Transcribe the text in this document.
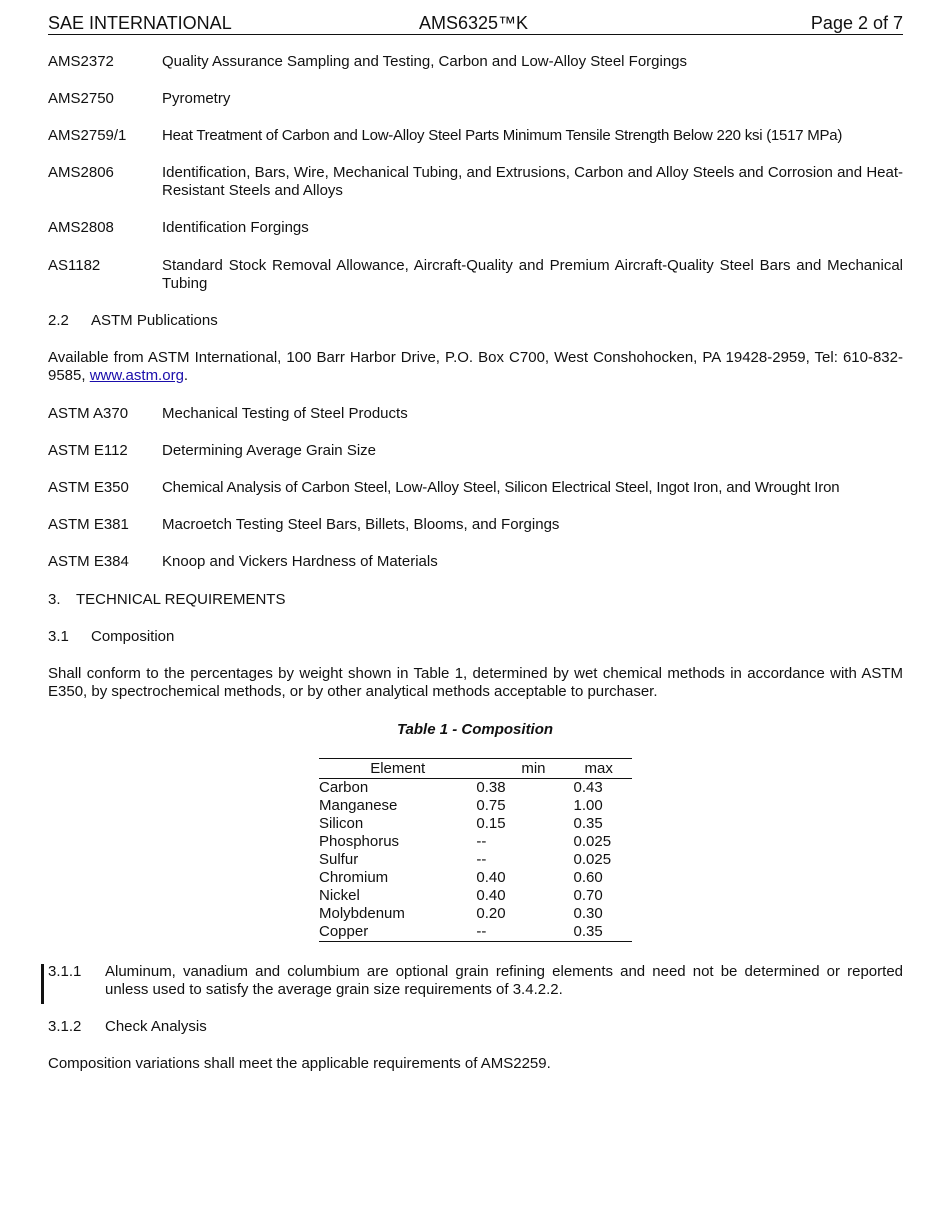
SAE INTERNATIONAL	AMS6325™K	Page 2 of 7
AMS2372	Quality Assurance Sampling and Testing, Carbon and Low-Alloy Steel Forgings
AMS2750	Pyrometry
AMS2759/1	Heat Treatment of Carbon and Low-Alloy Steel Parts Minimum Tensile Strength Below 220 ksi (1517 MPa)
AMS2806	Identification, Bars, Wire, Mechanical Tubing, and Extrusions, Carbon and Alloy Steels and Corrosion and Heat-Resistant Steels and Alloys
AMS2808	Identification Forgings
AS1182	Standard Stock Removal Allowance, Aircraft-Quality and Premium Aircraft-Quality Steel Bars and Mechanical Tubing
2.2 ASTM Publications
Available from ASTM International, 100 Barr Harbor Drive, P.O. Box C700, West Conshohocken, PA 19428-2959, Tel: 610-832-9585, www.astm.org.
ASTM A370	Mechanical Testing of Steel Products
ASTM E112	Determining Average Grain Size
ASTM E350	Chemical Analysis of Carbon Steel, Low-Alloy Steel, Silicon Electrical Steel, Ingot Iron, and Wrought Iron
ASTM E381	Macroetch Testing Steel Bars, Billets, Blooms, and Forgings
ASTM E384	Knoop and Vickers Hardness of Materials
3. TECHNICAL REQUIREMENTS
3.1 Composition
Shall conform to the percentages by weight shown in Table 1, determined by wet chemical methods in accordance with ASTM E350, by spectrochemical methods, or by other analytical methods acceptable to purchaser.
Table 1 - Composition
Element	min	max
Carbon	0.38	0.43
Manganese	0.75	1.00
Silicon	0.15	0.35
Phosphorus	--	0.025
Sulfur	--	0.025
Chromium	0.40	0.60
Nickel	0.40	0.70
Molybdenum	0.20	0.30
Copper	--	0.35
3.1.1 Aluminum, vanadium and columbium are optional grain refining elements and need not be determined or reported unless used to satisfy the average grain size requirements of 3.4.2.2.
3.1.2 Check Analysis
Composition variations shall meet the applicable requirements of AMS2259.
